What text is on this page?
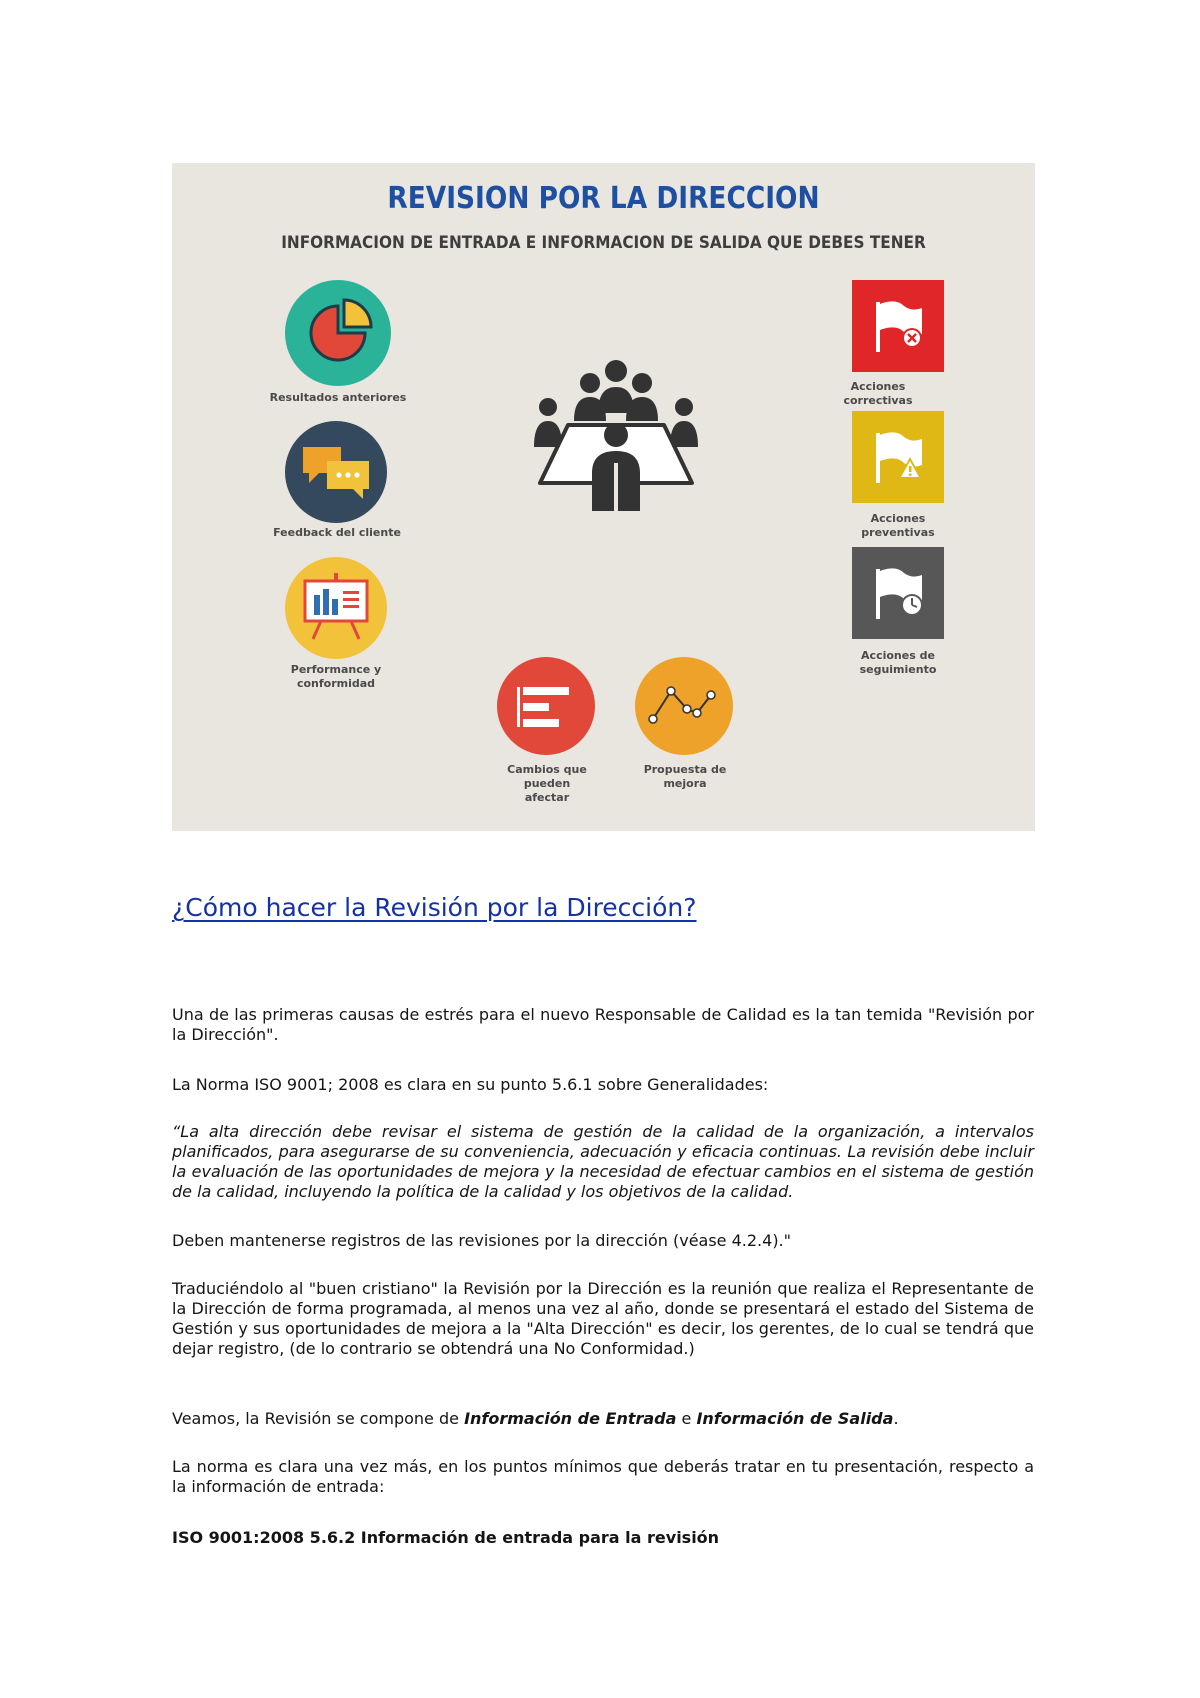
REVISION POR LA DIRECCION
INFORMACION DE ENTRADA E INFORMACION DE SALIDA QUE DEBES TENER
Resultados anteriores
Feedback del cliente
Performance y conformidad
Acciones correctivas
Acciones preventivas
Acciones de seguimiento
Cambios que pueden afectar
Propuesta de mejora
¿Cómo hacer la Revisión por la Dirección?
Una de las primeras causas de estrés para el nuevo Responsable de Calidad es la tan temida "Revisión por la Dirección".
La Norma ISO 9001; 2008 es clara en su punto 5.6.1 sobre Generalidades:
“La alta dirección debe revisar el sistema de gestión de la calidad de la organización, a intervalos planificados, para asegurarse de su conveniencia, adecuación y eficacia continuas. La revisión debe incluir la evaluación de las oportunidades de mejora y la necesidad de efectuar cambios en el sistema de gestión de la calidad, incluyendo la política de la calidad y los objetivos de la calidad.
Deben mantenerse registros de las revisiones por la dirección (véase 4.2.4)."
Traduciéndolo al "buen cristiano" la Revisión por la Dirección es la reunión que realiza el Representante de la Dirección de forma programada, al menos una vez al año, donde se presentará el estado del Sistema de Gestión y sus oportunidades de mejora a la "Alta Dirección" es decir, los gerentes, de lo cual se tendrá que dejar registro, (de lo contrario se obtendrá una No Conformidad.)
Veamos, la Revisión se compone de Información de Entrada e Información de Salida.
La norma es clara una vez más, en los puntos mínimos que deberás tratar en tu presentación, respecto a la información de entrada:
ISO 9001:2008 5.6.2 Información de entrada para la revisión
